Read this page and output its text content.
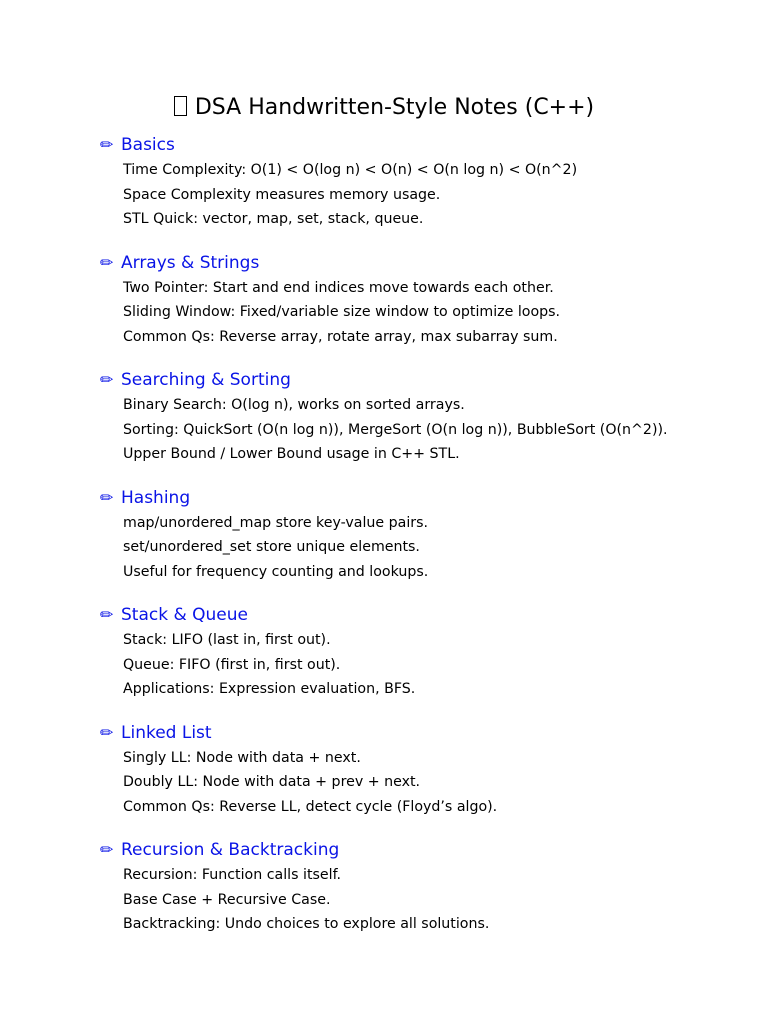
DSA Handwritten-Style Notes (C++)
✏ Basics
Time Complexity: O(1) < O(log n) < O(n) < O(n log n) < O(n^2)
Space Complexity measures memory usage.
STL Quick: vector, map, set, stack, queue.
✏ Arrays & Strings
Two Pointer: Start and end indices move towards each other.
Sliding Window: Fixed/variable size window to optimize loops.
Common Qs: Reverse array, rotate array, max subarray sum.
✏ Searching & Sorting
Binary Search: O(log n), works on sorted arrays.
Sorting: QuickSort (O(n log n)), MergeSort (O(n log n)), BubbleSort (O(n^2)).
Upper Bound / Lower Bound usage in C++ STL.
✏ Hashing
map/unordered_map store key-value pairs.
set/unordered_set store unique elements.
Useful for frequency counting and lookups.
✏ Stack & Queue
Stack: LIFO (last in, first out).
Queue: FIFO (first in, first out).
Applications: Expression evaluation, BFS.
✏ Linked List
Singly LL: Node with data + next.
Doubly LL: Node with data + prev + next.
Common Qs: Reverse LL, detect cycle (Floyd’s algo).
✏ Recursion & Backtracking
Recursion: Function calls itself.
Base Case + Recursive Case.
Backtracking: Undo choices to explore all solutions.
